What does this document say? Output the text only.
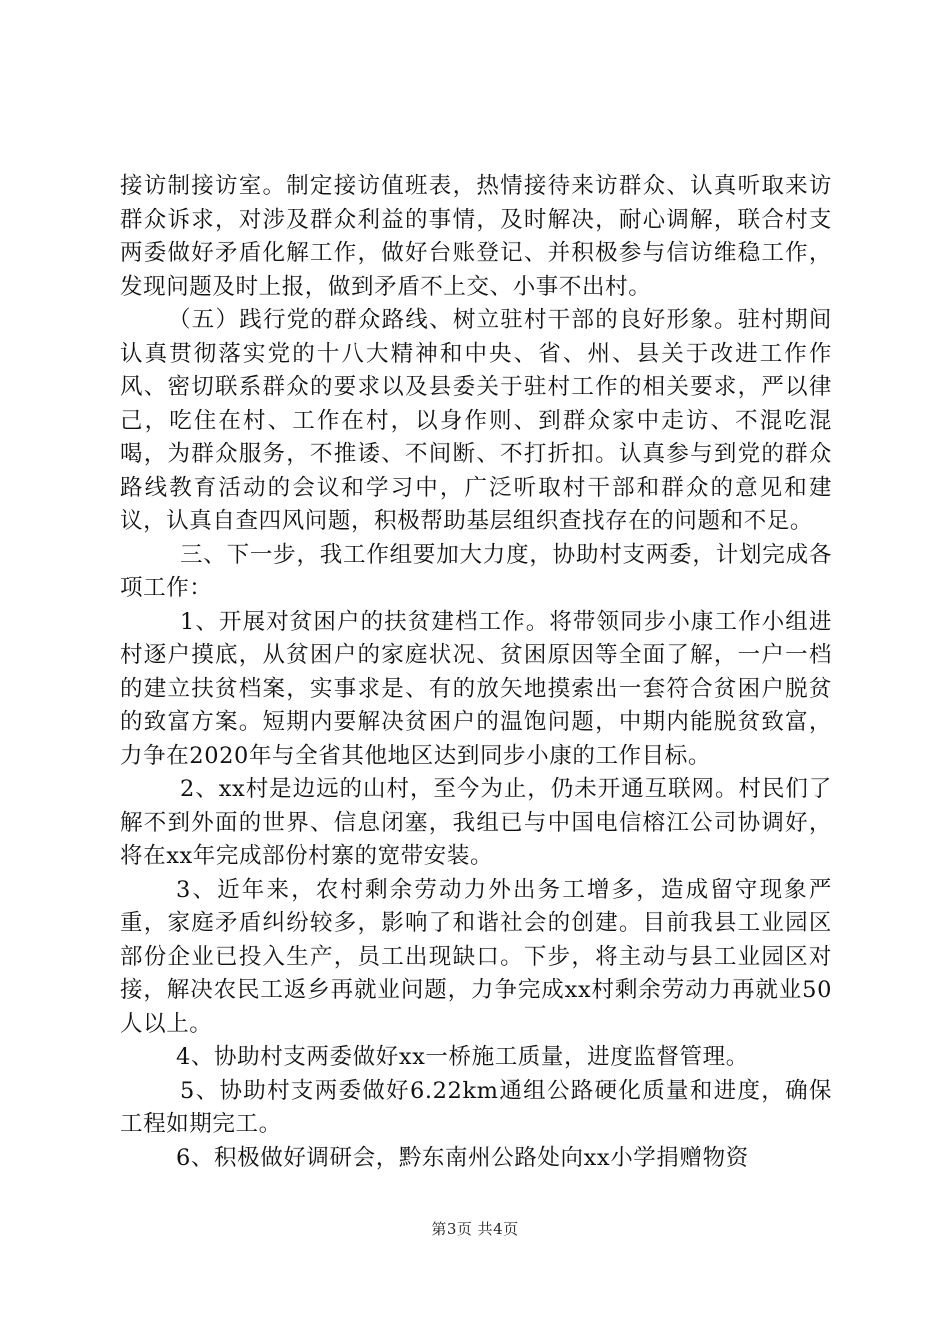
接访制接访室。制定接访值班表，热情接待来访群众、认真听取来访群众诉求，对涉及群众利益的事情，及时解决，耐心调解，联合村支两委做好矛盾化解工作，做好台账登记、并积极参与信访维稳工作，发现问题及时上报，做到矛盾不上交、小事不出村。

（五）践行党的群众路线、树立驻村干部的良好形象。驻村期间认真贯彻落实党的十八大精神和中央、省、州、县关于改进工作作风、密切联系群众的要求以及县委关于驻村工作的相关要求，严以律己，吃住在村、工作在村，以身作则、到群众家中走访、不混吃混喝，为群众服务，不推诿、不间断、不打折扣。认真参与到党的群众路线教育活动的会议和学习中，广泛听取村干部和群众的意见和建议，认真自查四风问题，积极帮助基层组织查找存在的问题和不足。

三、下一步，我工作组要加大力度，协助村支两委，计划完成各项工作：

1、开展对贫困户的扶贫建档工作。将带领同步小康工作小组进村逐户摸底，从贫困户的家庭状况、贫困原因等全面了解，一户一档的建立扶贫档案，实事求是、有的放矢地摸索出一套符合贫困户脱贫的致富方案。短期内要解决贫困户的温饱问题，中期内能脱贫致富，力争在2020年与全省其他地区达到同步小康的工作目标。

2、xx村是边远的山村，至今为止，仍未开通互联网。村民们了解不到外面的世界、信息闭塞，我组已与中国电信榕江公司协调好，将在xx年完成部份村寨的宽带安装。

3、近年来，农村剩余劳动力外出务工增多，造成留守现象严重，家庭矛盾纠纷较多，影响了和谐社会的创建。目前我县工业园区部份企业已投入生产，员工出现缺口。下步，将主动与县工业园区对接，解决农民工返乡再就业问题，力争完成xx村剩余劳动力再就业50人以上。

4、协助村支两委做好xx一桥施工质量，进度监督管理。

5、协助村支两委做好6.22km通组公路硬化质量和进度，确保工程如期完工。

6、积极做好调研会，黔东南州公路处向xx小学捐赠物资

第3页 共4页
